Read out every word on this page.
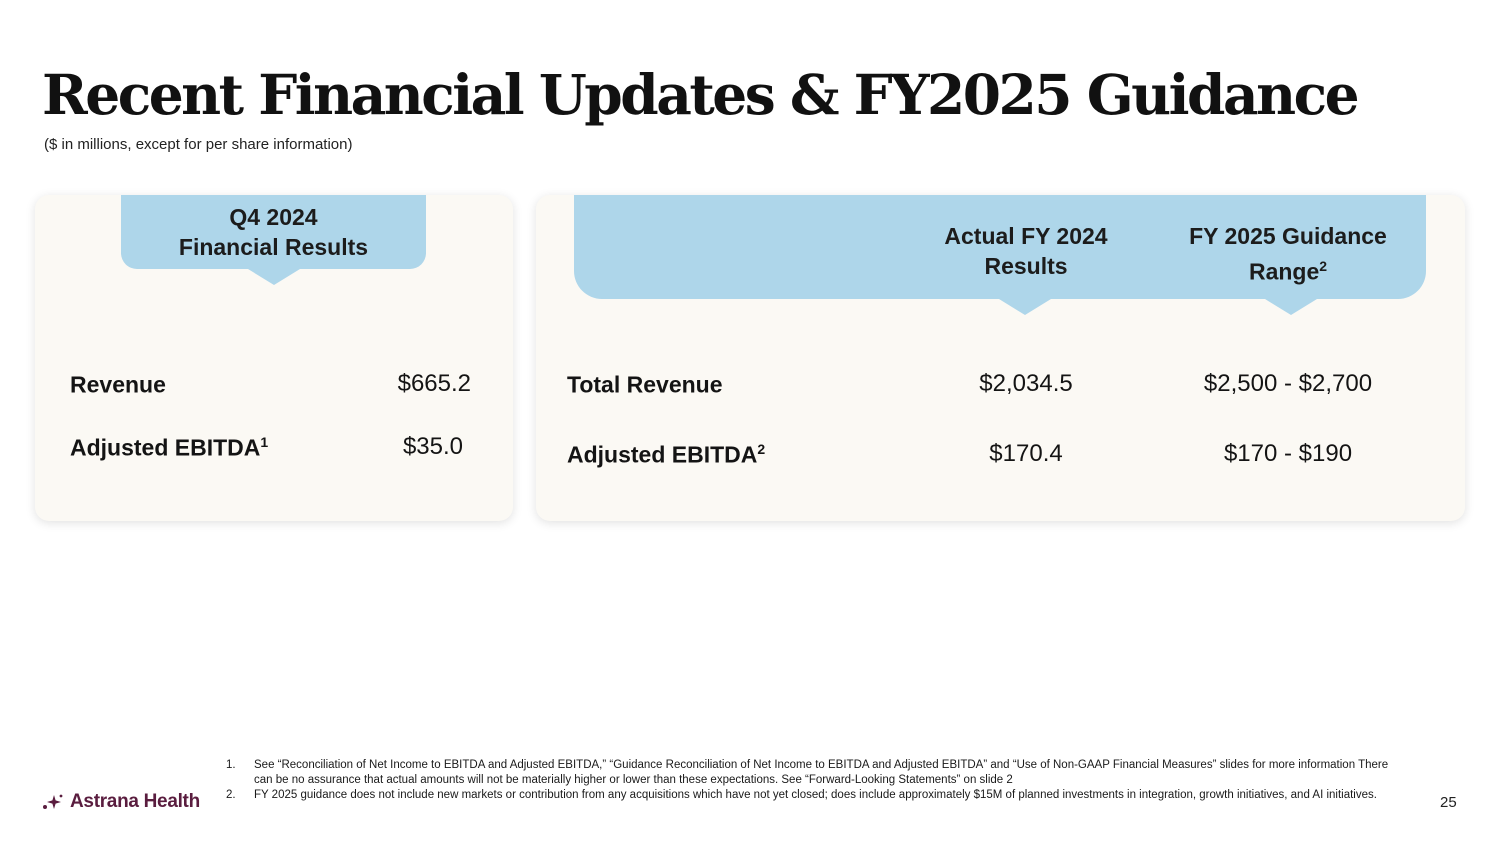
Recent Financial Updates & FY2025 Guidance
($ in millions, except for per share information)
Q4 2024
Financial Results
Revenue	$665.2
Adjusted EBITDA$^1$	$35.0
Actual FY 2024
Results
FY 2025 Guidance
Range$^2$
Total Revenue	$2,034.5	$2,500 - $2,700
Adjusted EBITDA$^2$	$170.4	$170 - $190
Astrana Health
1.	See “Reconciliation of Net Income to EBITDA and Adjusted EBITDA,” “Guidance Reconciliation of Net Income to EBITDA and Adjusted EBITDA” and “Use of Non-GAAP Financial Measures” slides for more information There can be no assurance that actual amounts will not be materially higher or lower than these expectations. See “Forward-Looking Statements” on slide 2
2.	FY 2025 guidance does not include new markets or contribution from any acquisitions which have not yet closed; does include approximately $15M of planned investments in integration, growth initiatives, and AI initiatives.	25
